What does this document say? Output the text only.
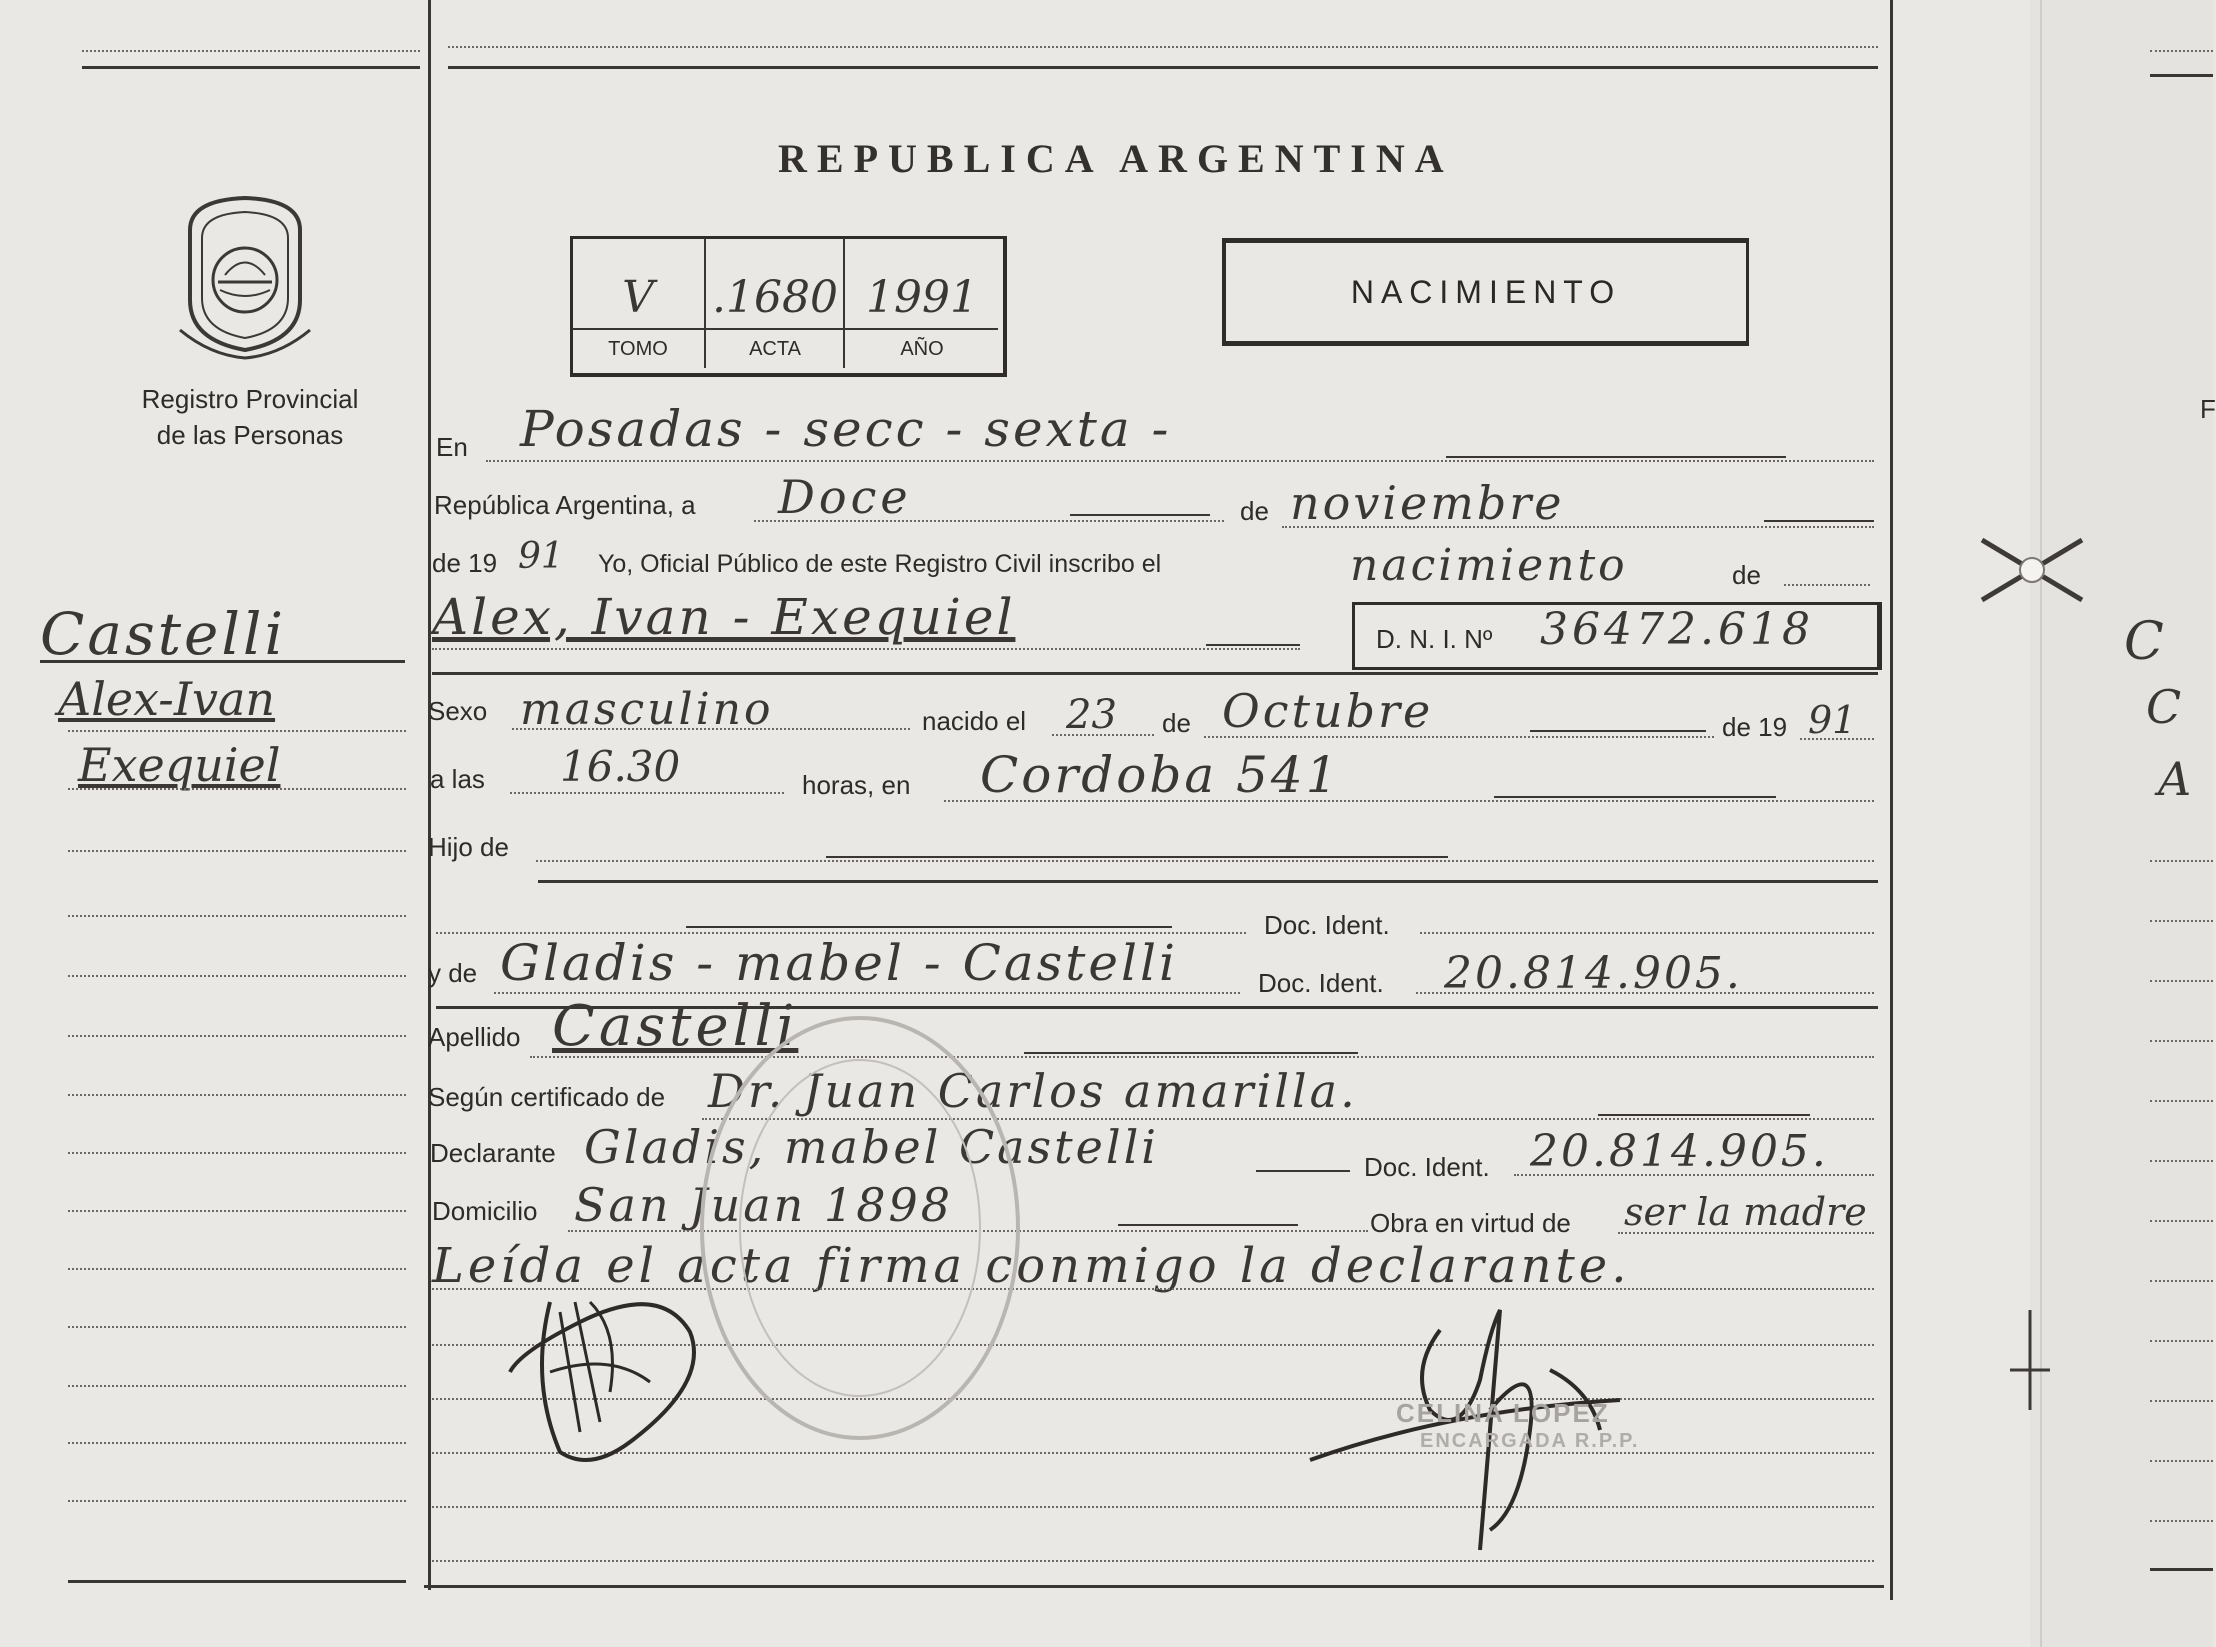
Registro Provincial
de las Personas
Castelli
Alex-Ivan
Exequiel
REPUBLICA ARGENTINA
V	.1680 1991
TOMO	ACTA	AÑO
NACIMIENTO
En Posadas - secc - sexta -
República Argentina, a Doce	de noviembre
de 19 91 Yo, Oficial Público de este Registro Civil inscribo el	nacimiento	de
Alex, Ivan - Exequiel	D. N. I. Nº 36472.618
Sexo masculino	nacido el 23 de Octubre	de 19 91
a las 16.30	horas, en Cordoba 541
Hijo de
Doc. Ident.
y de Gladis - mabel - Castelli	Doc. Ident. 20.814.905.
Apellido Castelli
Según certificado de Dr. Juan Carlos amarilla.
Declarante Gladis, mabel Castelli	Doc. Ident. 20.814.905.
Domicilio San Juan 1898	Obra en virtud de ser la madre
Leída el acta firma conmigo la declarante.
CELINA LOPEZ
ENCARGADA R.P.P.
C
C
A
F
